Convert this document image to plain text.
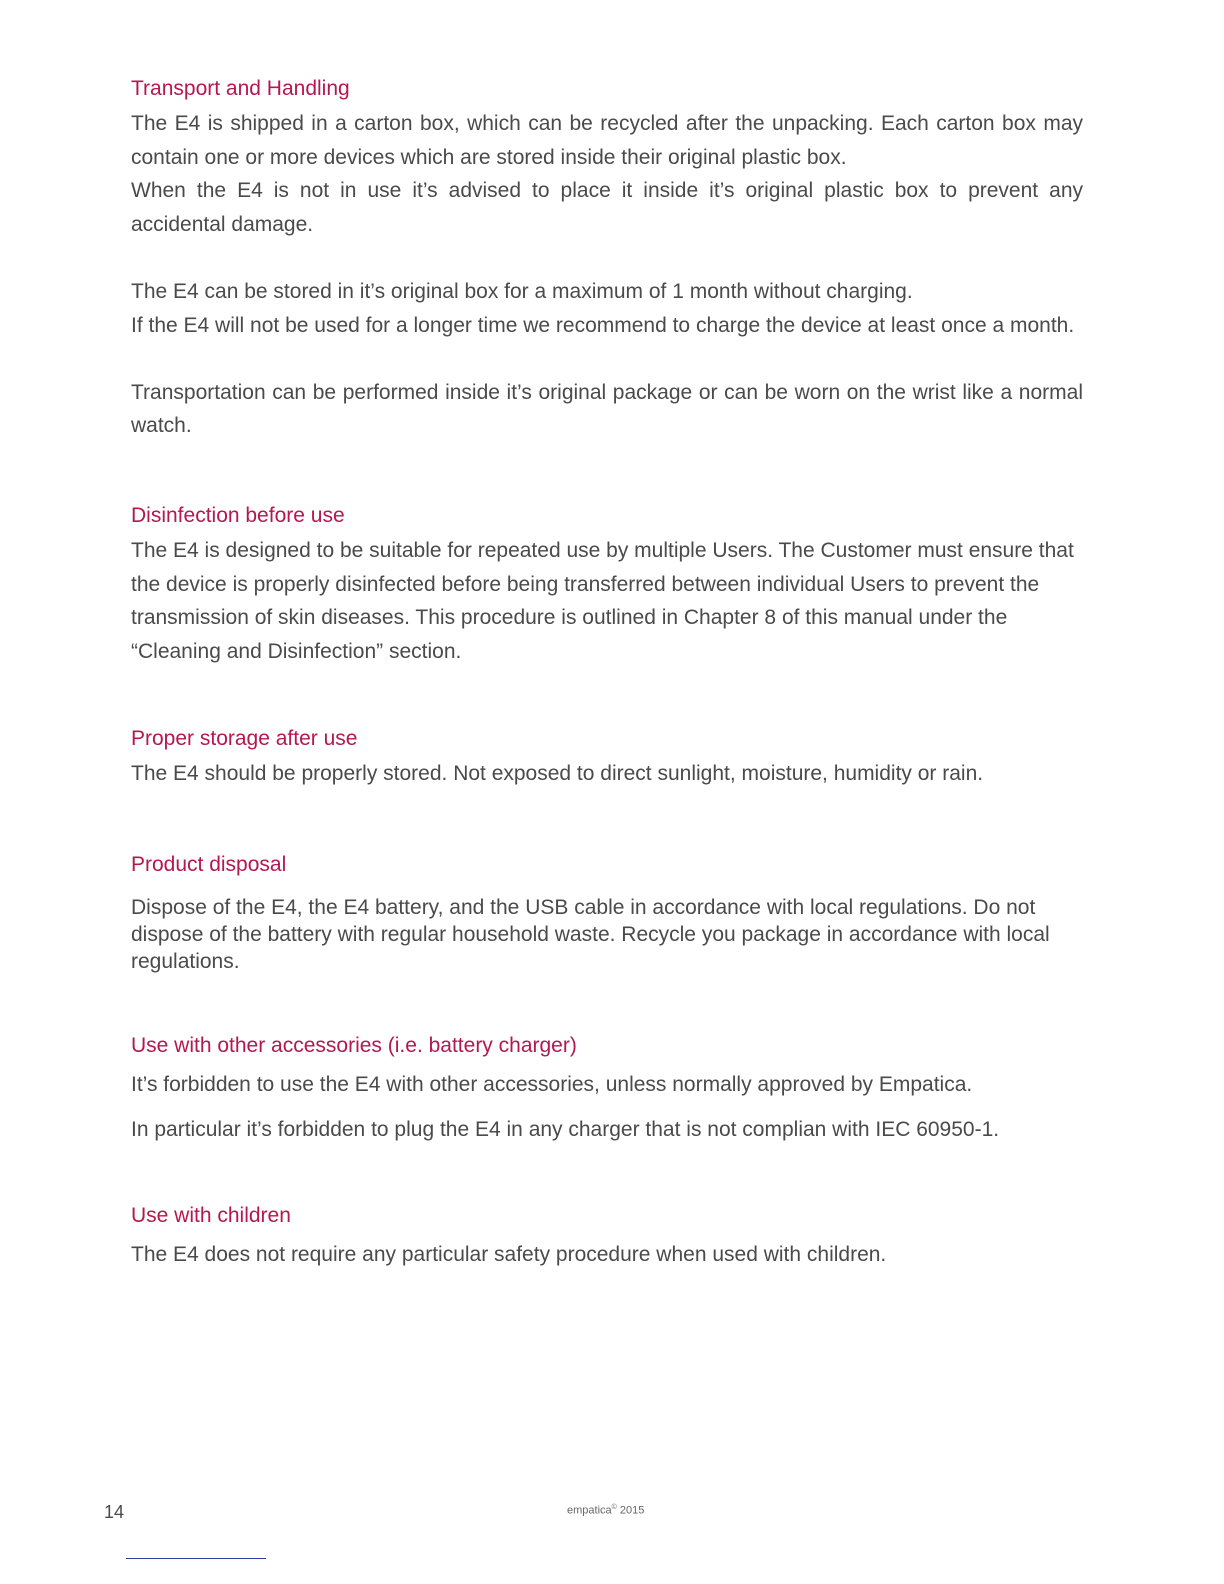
Transport and Handling

The E4 is shipped in a carton box, which can be recycled after the unpacking. Each carton box may contain one or more devices which are stored inside their original plastic box.

When the E4 is not in use it’s advised to place it inside it’s original plastic box to prevent any accidental damage.

The E4 can be stored in it’s original box for a maximum of 1 month without charging.

If the E4 will not be used for a longer time we recommend to charge the device at least once a month.

Transportation can be performed inside it’s original package or can be worn on the wrist like a normal watch.

Disinfection before use

The E4 is designed to be suitable for repeated use by multiple Users. The Customer must ensure that the device is properly disinfected before being transferred between individual Users to prevent the transmission of skin diseases. This procedure is outlined in Chapter 8 of this manual under the “Cleaning and Disinfection” section.

Proper storage after use

The E4 should be properly stored. Not exposed to direct sunlight, moisture, humidity or rain.

Product disposal

Dispose of the E4, the E4 battery, and the USB cable in accordance with local regulations. Do not dispose of the battery with regular household waste. Recycle you package in accordance with local regulations.

Use with other accessories (i.e. battery charger)

It’s forbidden to use the E4 with other accessories, unless normally approved by Empatica.

In particular it’s forbidden to plug the E4 in any charger that is not complian with IEC 60950-1.

Use with children

The E4 does not require any particular safety procedure when used with children.

14	empatica© 2015
